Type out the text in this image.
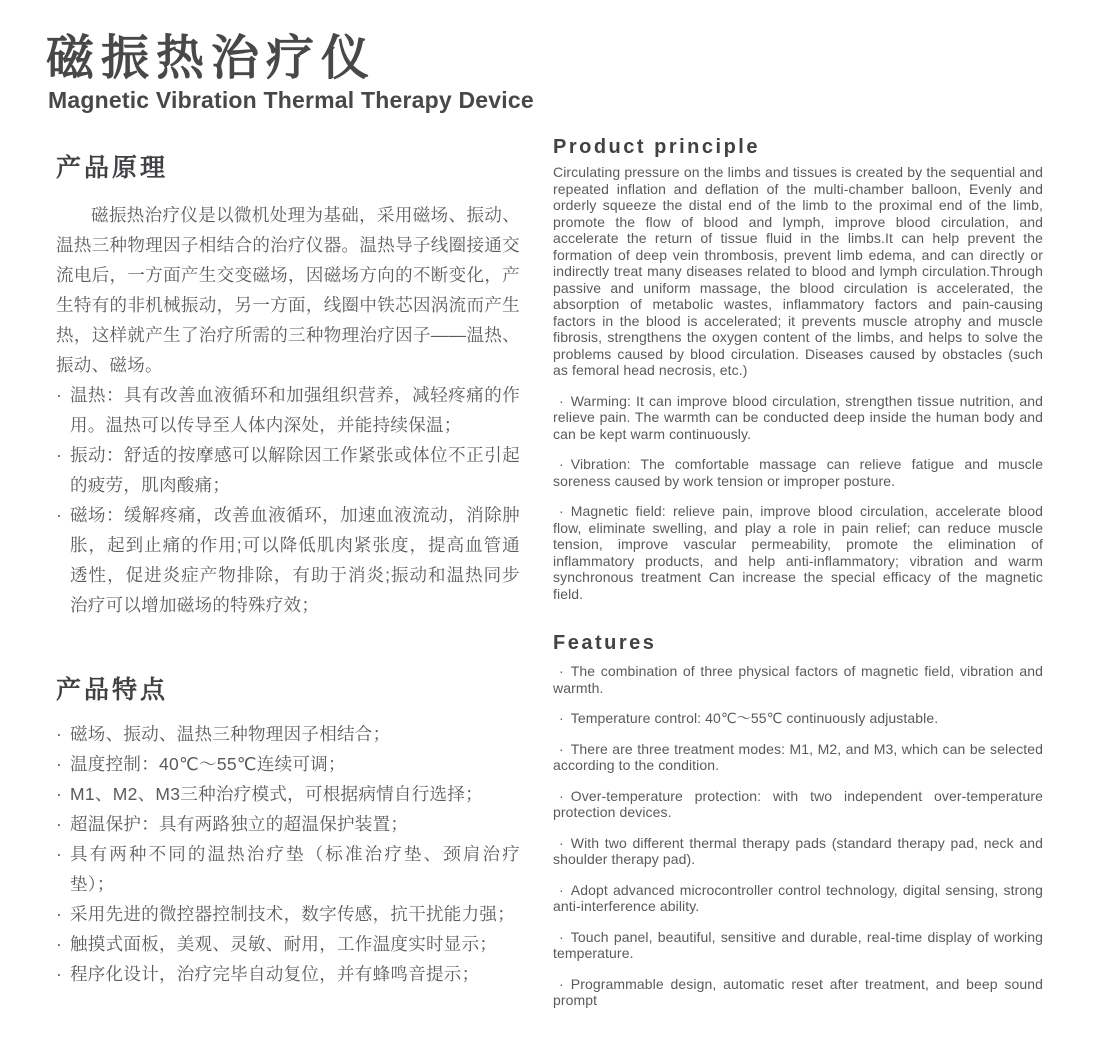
磁振热治疗仪
Magnetic Vibration Thermal Therapy Device
产品原理

磁振热治疗仪是以微机处理为基础，采用磁场、振动、温热三种物理因子相结合的治疗仪器。温热导子线圈接通交流电后，一方面产生交变磁场，因磁场方向的不断变化，产生特有的非机械振动，另一方面，线圈中铁芯因涡流而产生热，这样就产生了治疗所需的三种物理治疗因子——温热、振动、磁场。

· 温热：具有改善血液循环和加强组织营养，减轻疼痛的作用。温热可以传导至人体内深处，并能持续保温；
· 振动：舒适的按摩感可以解除因工作紧张或体位不正引起的疲劳，肌肉酸痛；
· 磁场：缓解疼痛，改善血液循环，加速血液流动，消除肿胀，起到止痛的作用;可以降低肌肉紧张度，提高血管通透性，促进炎症产物排除，有助于消炎;振动和温热同步治疗可以增加磁场的特殊疗效；
产品特点
· 磁场、振动、温热三种物理因子相结合；
· 温度控制：40℃～55℃连续可调；
· M1、M2、M3三种治疗模式，可根据病情自行选择；
· 超温保护：具有两路独立的超温保护装置；
· 具有两种不同的温热治疗垫（标准治疗垫、颈肩治疗垫）；
· 采用先进的微控器控制技术，数字传感，抗干扰能力强；
· 触摸式面板，美观、灵敏、耐用，工作温度实时显示；
· 程序化设计，治疗完毕自动复位，并有蜂鸣音提示；
Product principle

Circulating pressure on the limbs and tissues is created by the sequential and repeated inflation and deflation of the multi-chamber balloon, Evenly and orderly squeeze the distal end of the limb to the proximal end of the limb, promote the flow of blood and lymph, improve blood circulation, and accelerate the return of tissue fluid in the limbs.It can help prevent the formation of deep vein thrombosis, prevent limb edema, and can directly or indirectly treat many diseases related to blood and lymph circulation.Through passive and uniform massage, the blood circulation is accelerated, the absorption of metabolic wastes, inflammatory factors and pain-causing factors in the blood is accelerated; it prevents muscle atrophy and muscle fibrosis, strengthens the oxygen content of the limbs, and helps to solve the problems caused by blood circulation. Diseases caused by obstacles (such as femoral head necrosis, etc.)

· Warming: It can improve blood circulation, strengthen tissue nutrition, and relieve pain. The warmth can be conducted deep inside the human body and can be kept warm continuously.

· Vibration: The comfortable massage can relieve fatigue and muscle soreness caused by work tension or improper posture.

· Magnetic field: relieve pain, improve blood circulation, accelerate blood flow, eliminate swelling, and play a role in pain relief; can reduce muscle tension, improve vascular permeability, promote the elimination of inflammatory products, and help anti-inflammatory; vibration and warm synchronous treatment Can increase the special efficacy of the magnetic field.

Features

· The combination of three physical factors of magnetic field, vibration and warmth.

· Temperature control: 40℃～55℃ continuously adjustable.

· There are three treatment modes: M1, M2, and M3, which can be selected according to the condition.

· Over-temperature protection: with two independent over-temperature protection devices.

· With two different thermal therapy pads (standard therapy pad, neck and shoulder therapy pad).

· Adopt advanced microcontroller control technology, digital sensing, strong anti-interference ability.

· Touch panel, beautiful, sensitive and durable, real-time display of working temperature.

· Programmable design, automatic reset after treatment, and beep sound prompt
